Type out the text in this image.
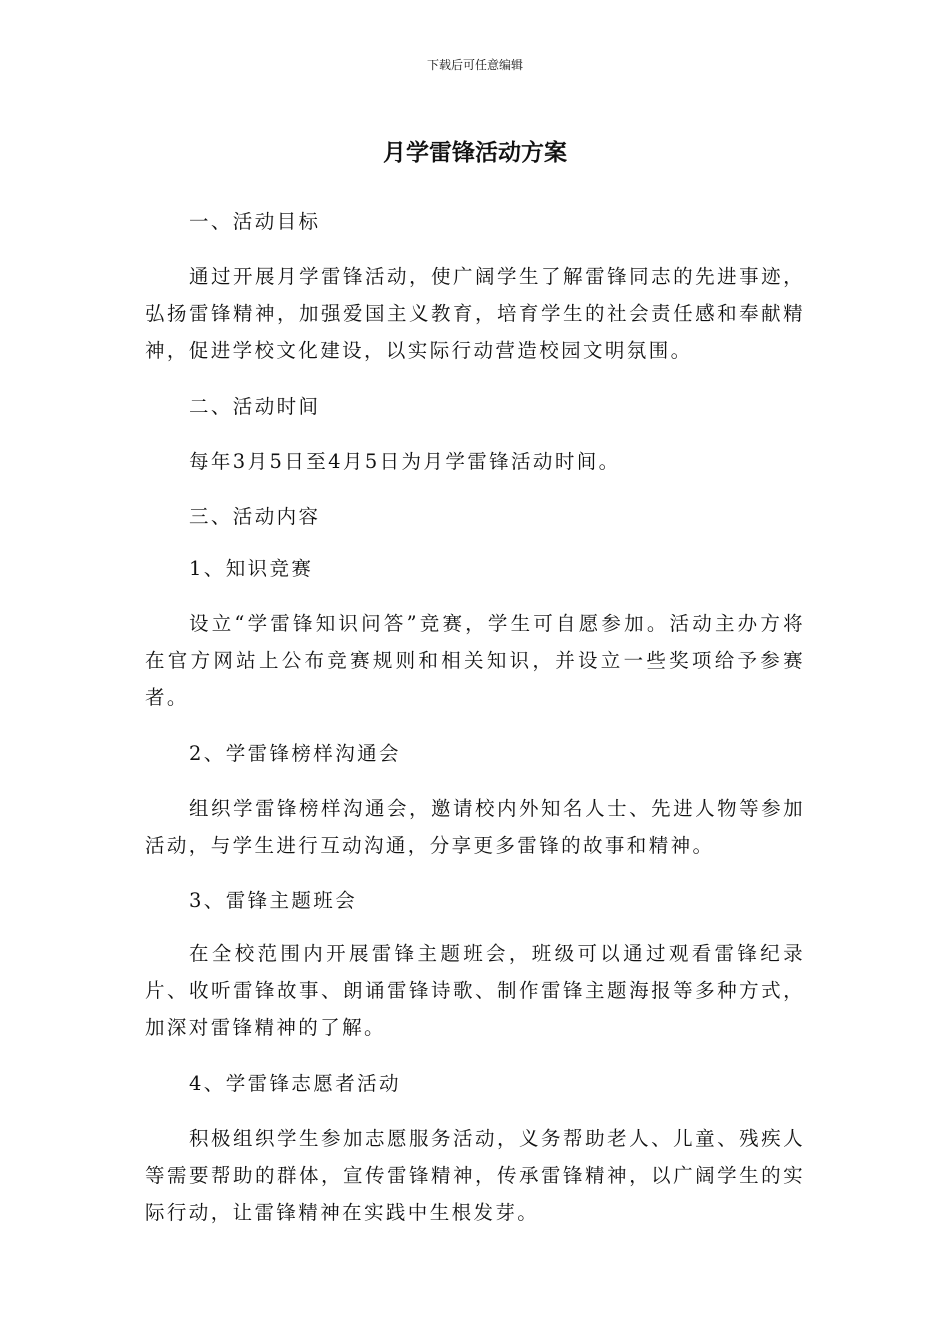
下载后可任意编辑
月学雷锋活动方案

一、活动目标

通过开展月学雷锋活动，使广阔学生了解雷锋同志的先进事迹，弘扬雷锋精神，加强爱国主义教育，培育学生的社会责任感和奉献精神，促进学校文化建设，以实际行动营造校园文明氛围。

二、活动时间

每年3月5日至4月5日为月学雷锋活动时间。

三、活动内容

1、知识竞赛

设立“学雷锋知识问答”竞赛，学生可自愿参加。活动主办方将在官方网站上公布竞赛规则和相关知识，并设立一些奖项给予参赛者。

2、学雷锋榜样沟通会

组织学雷锋榜样沟通会，邀请校内外知名人士、先进人物等参加活动，与学生进行互动沟通，分享更多雷锋的故事和精神。

3、雷锋主题班会

在全校范围内开展雷锋主题班会，班级可以通过观看雷锋纪录片、收听雷锋故事、朗诵雷锋诗歌、制作雷锋主题海报等多种方式，加深对雷锋精神的了解。

4、学雷锋志愿者活动

积极组织学生参加志愿服务活动，义务帮助老人、儿童、残疾人等需要帮助的群体，宣传雷锋精神，传承雷锋精神，以广阔学生的实际行动，让雷锋精神在实践中生根发芽。
